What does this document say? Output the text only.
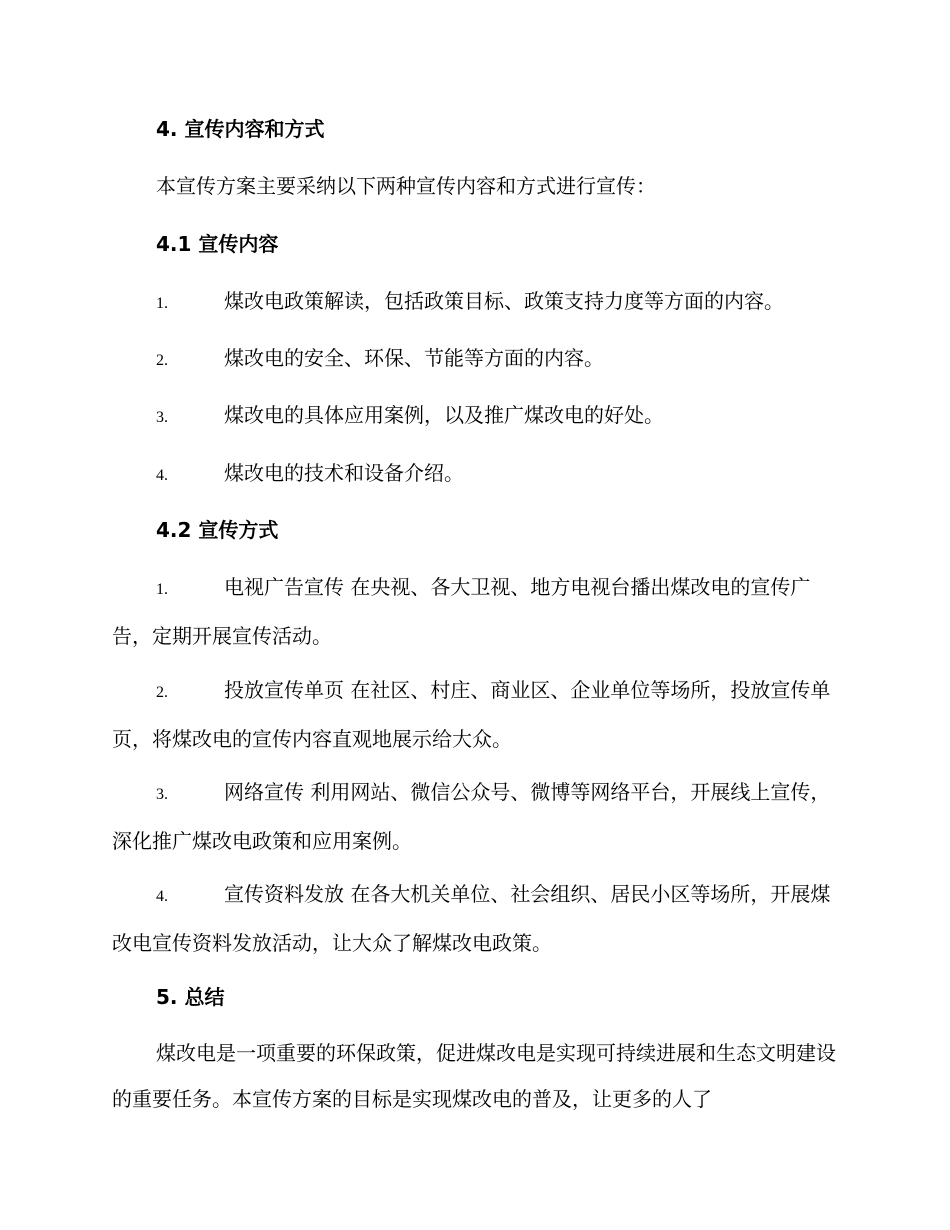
4. 宣传内容和方式

本宣传方案主要采纳以下两种宣传内容和方式进行宣传：

4.1 宣传内容

1.	煤改电政策解读，包括政策目标、政策支持力度等方面的内容。

2.	煤改电的安全、环保、节能等方面的内容。

3.	煤改电的具体应用案例，以及推广煤改电的好处。

4.	煤改电的技术和设备介绍。

4.2 宣传方式

1.	电视广告宣传 在央视、各大卫视、地方电视台播出煤改电的宣传广告，定期开展宣传活动。

2.	投放宣传单页 在社区、村庄、商业区、企业单位等场所，投放宣传单页，将煤改电的宣传内容直观地展示给大众。

3.	网络宣传 利用网站、微信公众号、微博等网络平台，开展线上宣传，深化推广煤改电政策和应用案例。

4.	宣传资料发放 在各大机关单位、社会组织、居民小区等场所，开展煤改电宣传资料发放活动，让大众了解煤改电政策。

5. 总结

煤改电是一项重要的环保政策，促进煤改电是实现可持续进展和生态文明建设的重要任务。本宣传方案的目标是实现煤改电的普及，让更多的人了
